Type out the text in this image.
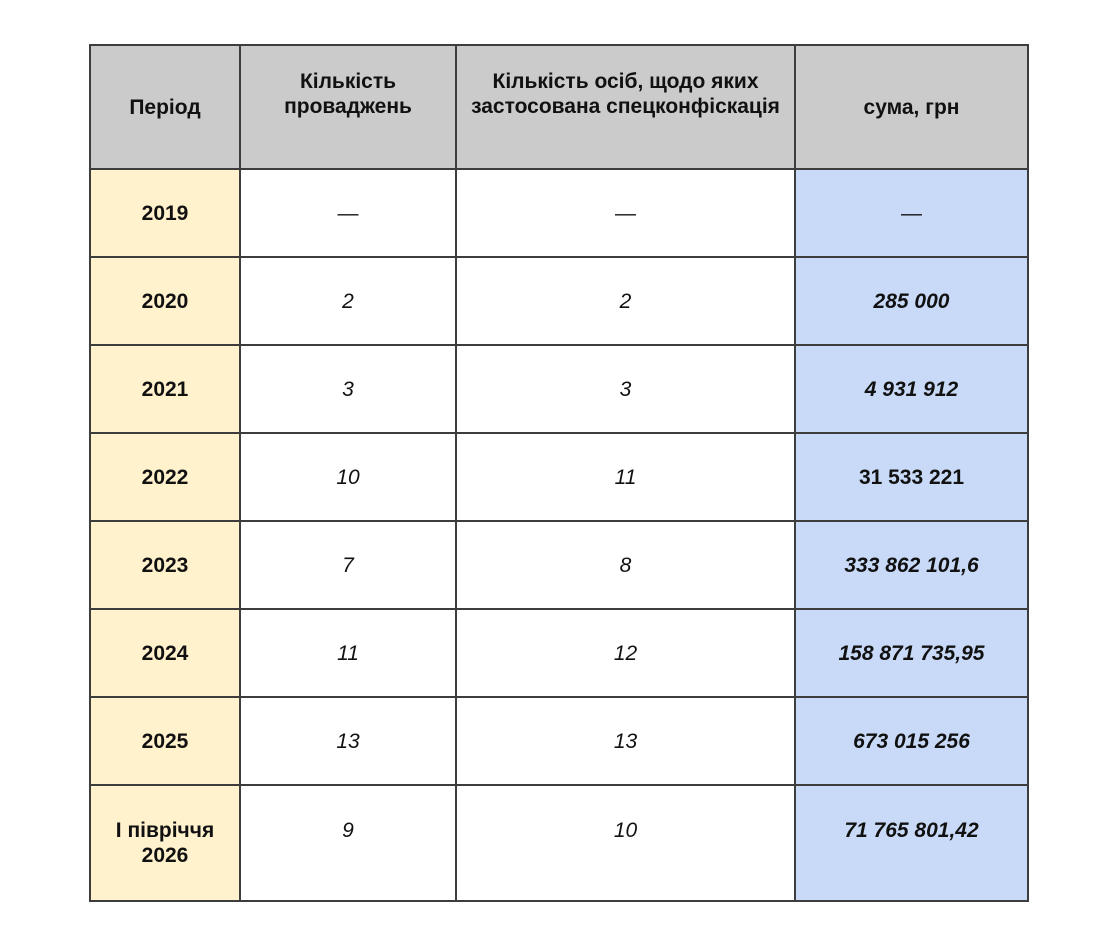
Період	Кількість проваджень	Кількість осіб, щодо яких застосована спецконфіскація	сума, грн
2019	—	—	—
2020	2	2	285 000
2021	3	3	4 931 912
2022	10	11	31 533 221
2023	7	8	333 862 101,6
2024	11	12	158 871 735,95
2025	13	13	673 015 256

І півріччя 2026	9	10	71 765 801,42
